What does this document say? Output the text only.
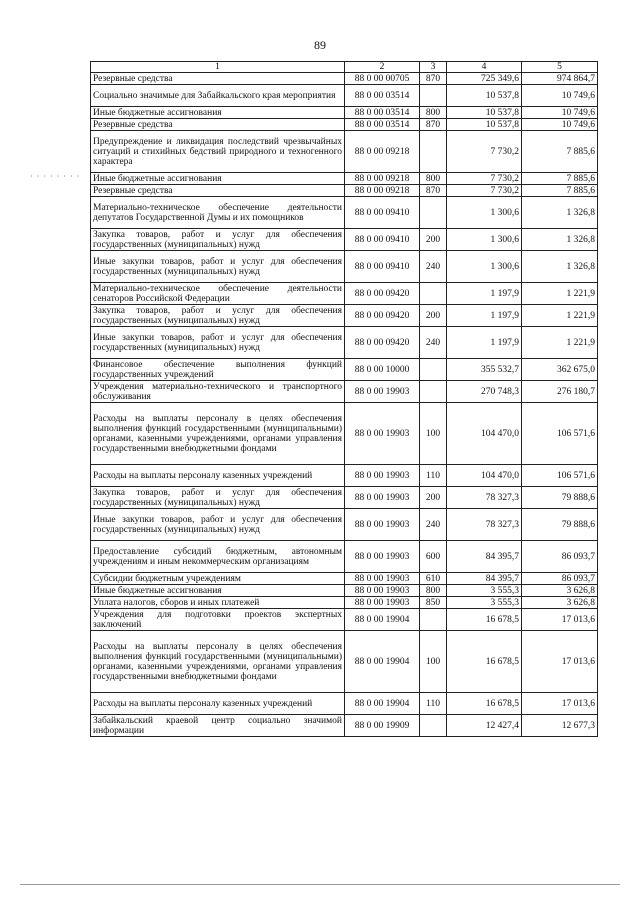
89
· · · · · · · ·
1	2	3	4	5
Резервные средства	88 0 00 00705	870	725 349,6	974 864,7
Социально значимые для Забайкальского края мероприятия	88 0 00 03514		10 537,8	10 749,6
Иные бюджетные ассигнования	88 0 00 03514	800	10 537,8	10 749,6
Резервные средства	88 0 00 03514	870	10 537,8	10 749,6
Предупреждение и ликвидация последствий чрезвычайных ситуаций и стихийных бедствий природного и техногенного характера	88 0 00 09218		7 730,2	7 885,6
Иные бюджетные ассигнования	88 0 00 09218	800	7 730,2	7 885,6
Резервные средства	88 0 00 09218	870	7 730,2	7 885,6
Материально-техническое обеспечение деятельности депутатов Государственной Думы и их помощников	88 0 00 09410		1 300,6	1 326,8
Закупка товаров, работ и услуг для обеспечения государственных (муниципальных) нужд	88 0 00 09410	200	1 300,6	1 326,8
Иные закупки товаров, работ и услуг для обеспечения государственных (муниципальных) нужд	88 0 00 09410	240	1 300,6	1 326,8
Материально-техническое обеспечение деятельности сенаторов Российской Федерации	88 0 00 09420		1 197,9	1 221,9
Закупка товаров, работ и услуг для обеспечения государственных (муниципальных) нужд	88 0 00 09420	200	1 197,9	1 221,9
Иные закупки товаров, работ и услуг для обеспечения государственных (муниципальных) нужд	88 0 00 09420	240	1 197,9	1 221,9
Финансовое обеспечение выполнения функций государственных учреждений	88 0 00 10000		355 532,7	362 675,0
Учреждения материально-технического и транспортного обслуживания	88 0 00 19903		270 748,3	276 180,7
Расходы на выплаты персоналу в целях обеспечения выполнения функций государственными (муниципальными) органами, казенными учреждениями, органами управления государственными внебюджетными фондами	88 0 00 19903	100	104 470,0	106 571,6
Расходы на выплаты персоналу казенных учреждений	88 0 00 19903	110	104 470,0	106 571,6
Закупка товаров, работ и услуг для обеспечения государственных (муниципальных) нужд	88 0 00 19903	200	78 327,3	79 888,6
Иные закупки товаров, работ и услуг для обеспечения государственных (муниципальных) нужд	88 0 00 19903	240	78 327,3	79 888,6
Предоставление субсидий бюджетным, автономным учреждениям и иным некоммерческим организациям	88 0 00 19903	600	84 395,7	86 093,7
Субсидии бюджетным учреждениям	88 0 00 19903	610	84 395,7	86 093,7
Иные бюджетные ассигнования	88 0 00 19903	800	3 555,3	3 626,8
Уплата налогов, сборов и иных платежей	88 0 00 19903	850	3 555,3	3 626,8
Учреждения для подготовки проектов экспертных заключений	88 0 00 19904		16 678,5	17 013,6
Расходы на выплаты персоналу в целях обеспечения выполнения функций государственными (муниципальными) органами, казенными учреждениями, органами управления государственными внебюджетными фондами	88 0 00 19904	100	16 678,5	17 013,6
Расходы на выплаты персоналу казенных учреждений	88 0 00 19904	110	16 678,5	17 013,6
Забайкальский краевой центр социально значимой информации	88 0 00 19909		12 427,4	12 677,3
